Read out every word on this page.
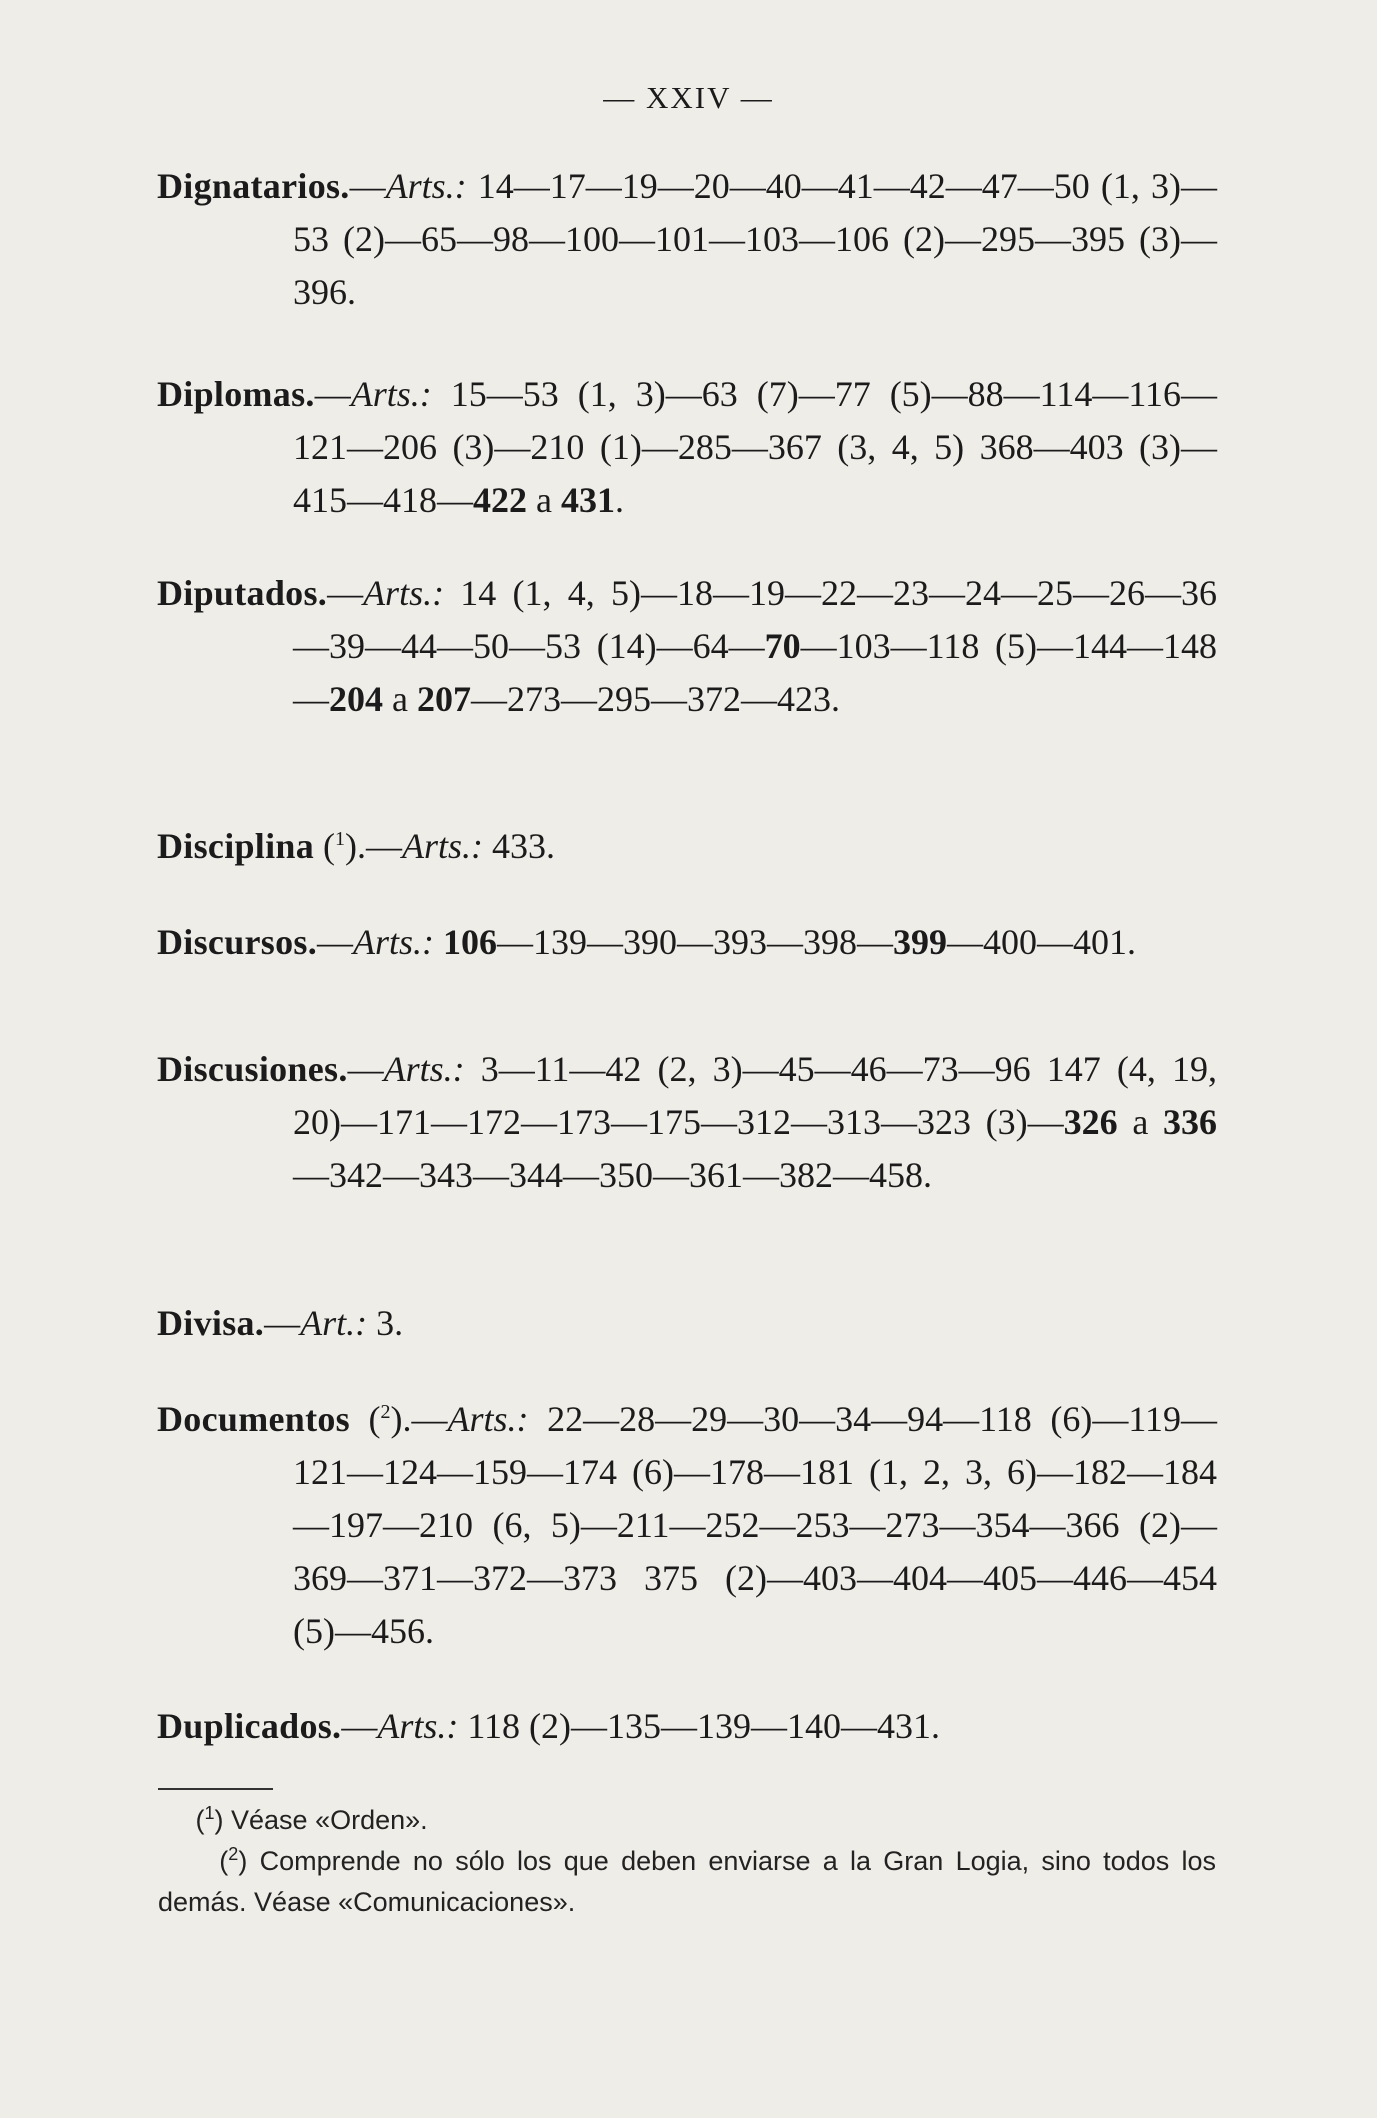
— XXIV —
Dignatarios.—Arts.: 14—17—19—20—40—41—42—47—50 (1, 3)—53 (2)—65—98—100—101—103—106 (2)—295—395 (3)—396.
Diplomas.—Arts.: 15—53 (1, 3)—63 (7)—77 (5)—88—114—116—121—206 (3)—210 (1)—285—367 (3, 4, 5) 368—403 (3)—415—418—422 a 431.
Diputados.—Arts.: 14 (1, 4, 5)—18—19—22—23—24—25—26—36—39—44—50—53 (14)—64—70—103—118 (5)—144—148—204 a 207—273—295—372—423.
Disciplina ($^1$).—Arts.: 433.
Discursos.—Arts.: 106—139—390—393—398—399—400—401.
Discusiones.—Arts.: 3—11—42 (2, 3)—45—46—73—96 147 (4, 19, 20)—171—172—173—175—312—313—323 (3)—326 a 336—342—343—344—350—361—382—458.
Divisa.—Art.: 3.
Documentos ($^2$).—Arts.: 22—28—29—30—34—94—118 (6)—119—121—124—159—174 (6)—178—181 (1, 2, 3, 6)—182—184—197—210 (6, 5)—211—252—253—273—354—366 (2)—369—371—372—373 375 (2)—403—404—405—446—454 (5)—456.
Duplicados.—Arts.: 118 (2)—135—139—140—431.
($^1$) Véase «Orden».
($^2$) Comprende no sólo los que deben enviarse a la Gran Logia, sino todos los demás. Véase «Comunicaciones».
